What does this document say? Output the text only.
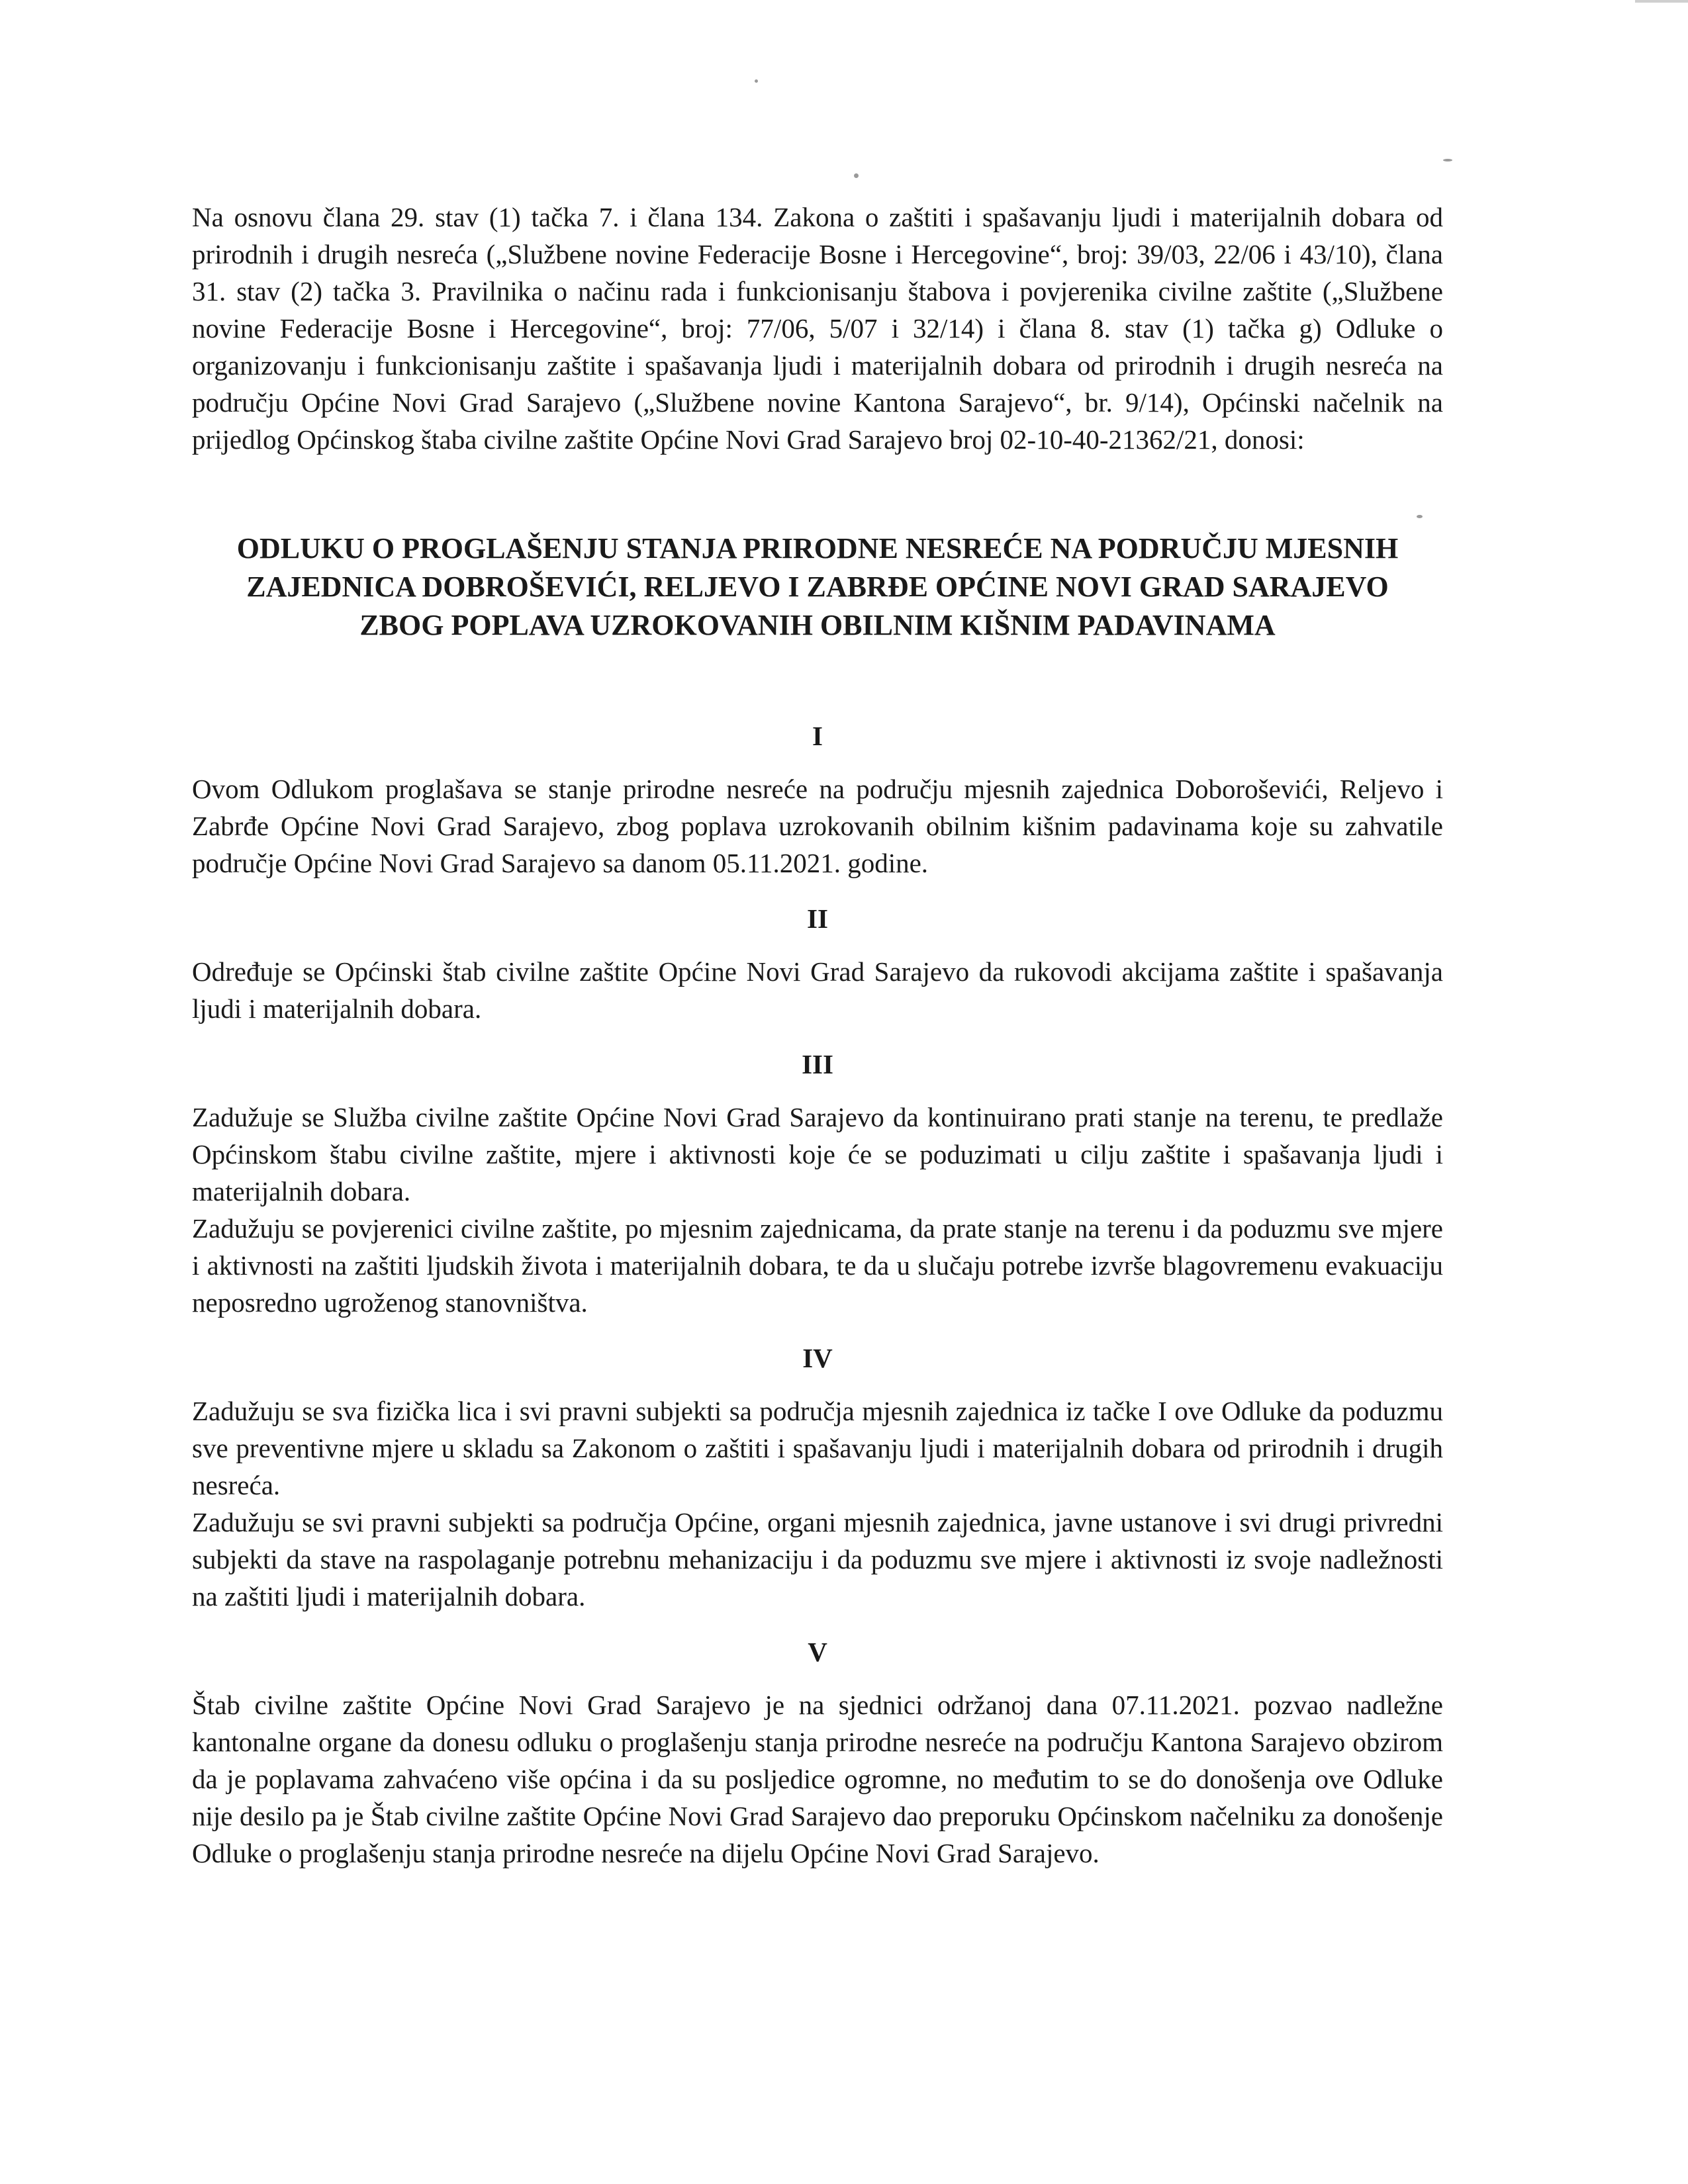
Na osnovu člana 29. stav (1) tačka 7. i člana 134. Zakona o zaštiti i spašavanju ljudi i materijalnih dobara od prirodnih i drugih nesreća („Službene novine Federacije Bosne i Hercegovine“, broj: 39/03, 22/06 i 43/10), člana 31. stav (2) tačka 3. Pravilnika o načinu rada i funkcionisanju štabova i povjerenika civilne zaštite („Službene novine Federacije Bosne i Hercegovine“, broj: 77/06, 5/07 i 32/14) i člana 8. stav (1) tačka g) Odluke o organizovanju i funkcionisanju zaštite i spašavanja ljudi i materijalnih dobara od prirodnih i drugih nesreća na području Općine Novi Grad Sarajevo („Službene novine Kantona Sarajevo“, br. 9/14), Općinski načelnik na prijedlog Općinskog štaba civilne zaštite Općine Novi Grad Sarajevo broj 02-10-40-21362/21, donosi:

ODLUKU O PROGLAŠENJU STANJA PRIRODNE NESREĆE NA PODRUČJU MJESNIH
ZAJEDNICA DOBROŠEVIĆI, RELJEVO I ZABRĐE OPĆINE NOVI GRAD SARAJEVO
ZBOG POPLAVA UZROKOVANIH OBILNIM KIŠNIM PADAVINAMA
I

Ovom Odlukom proglašava se stanje prirodne nesreće na području mjesnih zajednica Doboroševići, Reljevo i Zabrđe Općine Novi Grad Sarajevo, zbog poplava uzrokovanih obilnim kišnim padavinama koje su zahvatile područje Općine Novi Grad Sarajevo sa danom 05.11.2021. godine.

II

Određuje se Općinski štab civilne zaštite Općine Novi Grad Sarajevo da rukovodi akcijama zaštite i spašavanja ljudi i materijalnih dobara.

III

Zadužuje se Služba civilne zaštite Općine Novi Grad Sarajevo da kontinuirano prati stanje na terenu, te predlaže Općinskom štabu civilne zaštite, mjere i aktivnosti koje će se poduzimati u cilju zaštite i spašavanja ljudi i materijalnih dobara.

Zadužuju se povjerenici civilne zaštite, po mjesnim zajednicama, da prate stanje na terenu i da poduzmu sve mjere i aktivnosti na zaštiti ljudskih života i materijalnih dobara, te da u slučaju potrebe izvrše blagovremenu evakuaciju neposredno ugroženog stanovništva.

IV

Zadužuju se sva fizička lica i svi pravni subjekti sa područja mjesnih zajednica iz tačke I ove Odluke da poduzmu sve preventivne mjere u skladu sa Zakonom o zaštiti i spašavanju ljudi i materijalnih dobara od prirodnih i drugih nesreća.

Zadužuju se svi pravni subjekti sa područja Općine, organi mjesnih zajednica, javne ustanove i svi drugi privredni subjekti da stave na raspolaganje potrebnu mehanizaciju i da poduzmu sve mjere i aktivnosti iz svoje nadležnosti na zaštiti ljudi i materijalnih dobara.

V

Štab civilne zaštite Općine Novi Grad Sarajevo je na sjednici održanoj dana 07.11.2021. pozvao nadležne kantonalne organe da donesu odluku o proglašenju stanja prirodne nesreće na području Kantona Sarajevo obzirom da je poplavama zahvaćeno više općina i da su posljedice ogromne, no međutim to se do donošenja ove Odluke nije desilo pa je Štab civilne zaštite Općine Novi Grad Sarajevo dao preporuku Općinskom načelniku za donošenje Odluke o proglašenju stanja prirodne nesreće na dijelu Općine Novi Grad Sarajevo.
